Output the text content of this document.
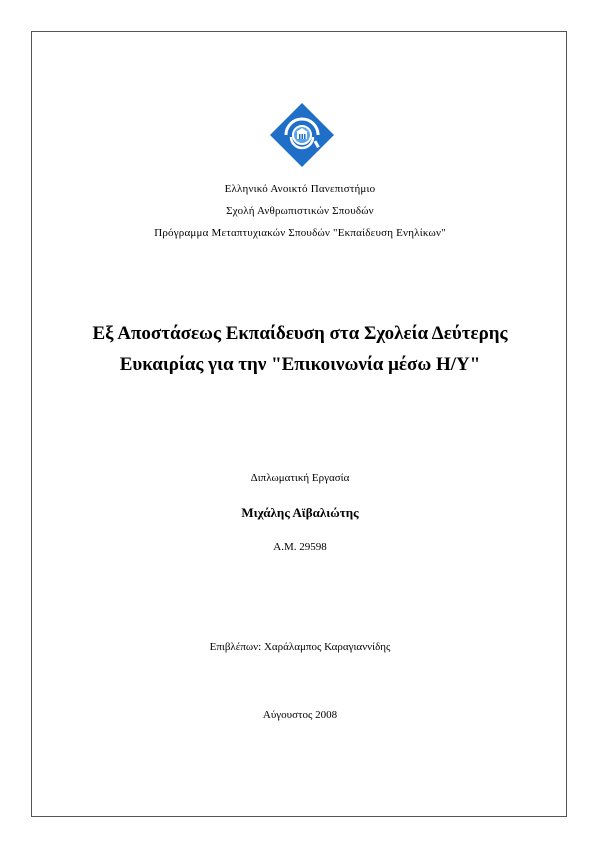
Ελληνικό Ανοικτό Πανεπιστήμιο
Σχολή Ανθρωπιστικών Σπουδών
Πρόγραμμα Μεταπτυχιακών Σπουδών "Εκπαίδευση Ενηλίκων"
Εξ Αποστάσεως Εκπαίδευση στα Σχολεία Δεύτερης
Ευκαιρίας για την "Επικοινωνία μέσω Η/Υ"
Διπλωματική Εργασία
Μιχάλης Αϊβαλιώτης
Α.Μ. 29598
Επιβλέπων: Χαράλαμπος Καραγιαννίδης
Αύγουστος 2008
